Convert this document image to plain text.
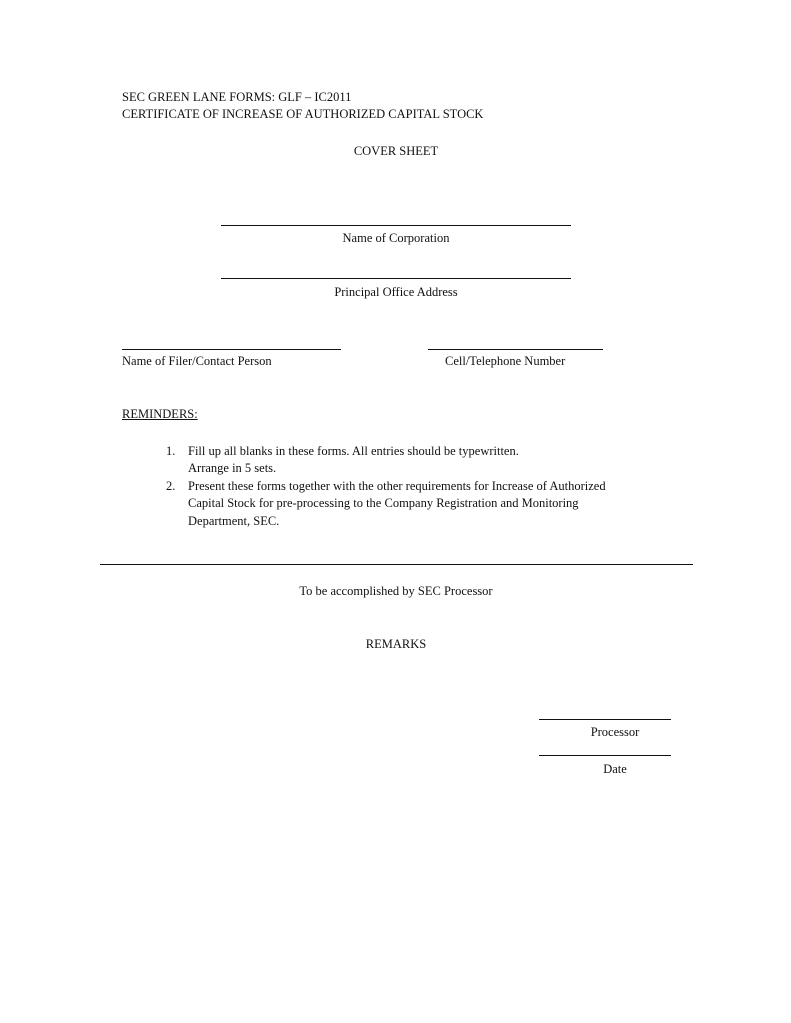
SEC GREEN LANE FORMS: GLF – IC2011
CERTIFICATE OF INCREASE OF AUTHORIZED CAPITAL STOCK
COVER SHEET
Name of Corporation
Principal Office Address
Name of Filer/Contact Person	Cell/Telephone Number
REMINDERS:
1. Fill up all blanks in these forms. All entries should be typewritten.
Arrange in 5 sets.
2. Present these forms together with the other requirements for Increase of Authorized
Capital Stock for pre-processing to the Company Registration and Monitoring
Department, SEC.
To be accomplished by SEC Processor
REMARKS
Processor
Date
